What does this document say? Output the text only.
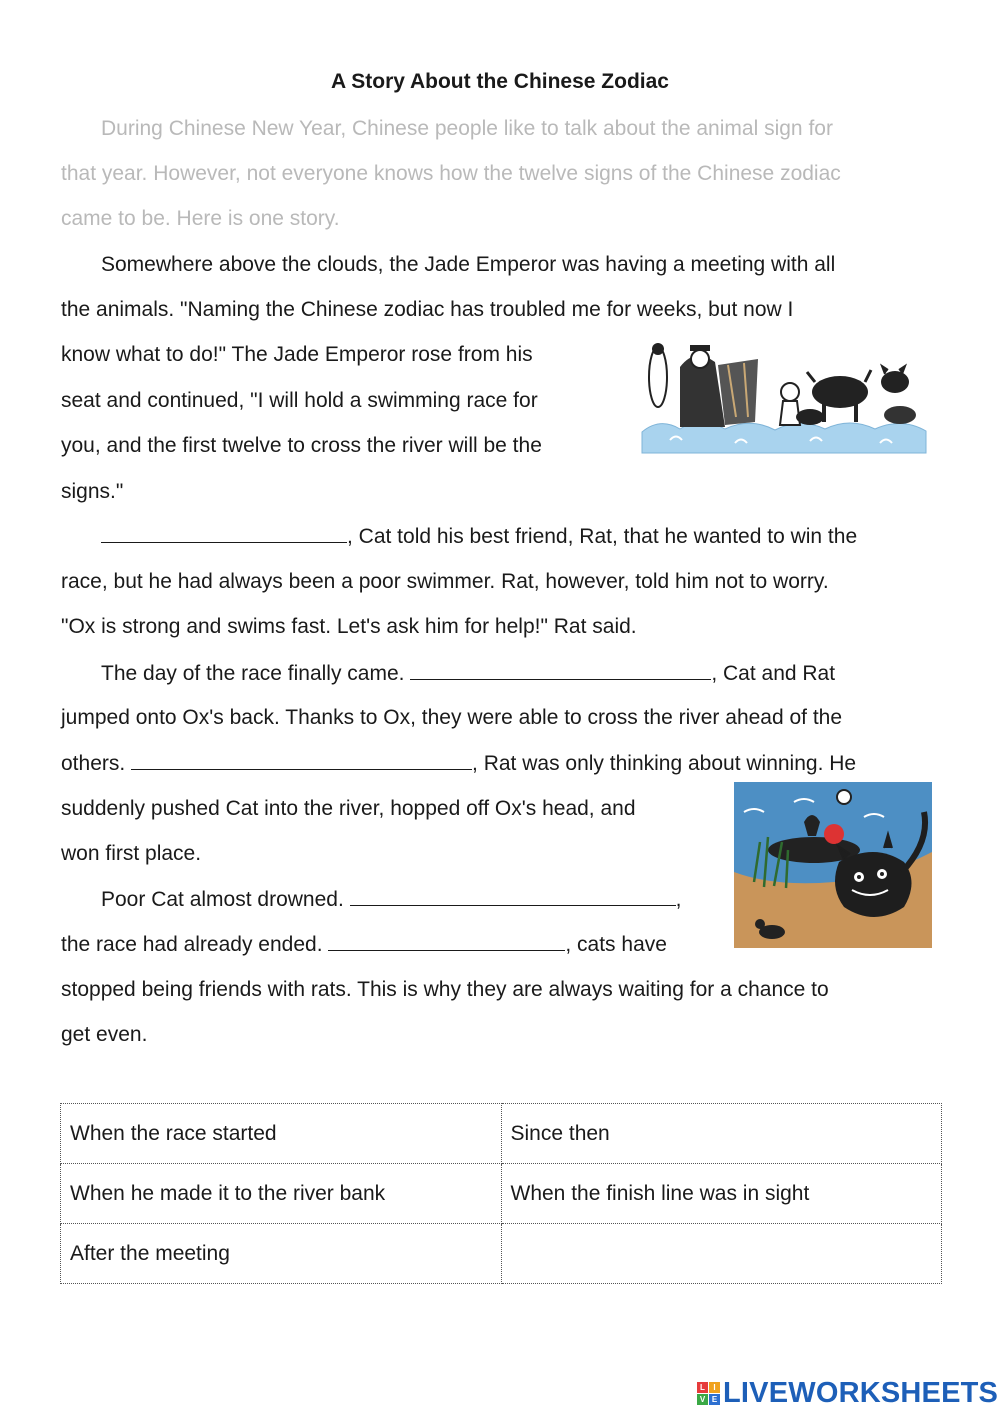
A Story About the Chinese Zodiac
During Chinese New Year, Chinese people like to talk about the animal sign for
that year. However, not everyone knows how the twelve signs of the Chinese zodiac
came to be. Here is one story.
Somewhere above the clouds, the Jade Emperor was having a meeting with all
the animals. "Naming the Chinese zodiac has troubled me for weeks, but now I
know what to do!" The Jade Emperor rose from his
seat and continued, "I will hold a swimming race for
you, and the first twelve to cross the river will be the
signs."
, Cat told his best friend, Rat, that he wanted to win the
race, but he had always been a poor swimmer. Rat, however, told him not to worry.
"Ox is strong and swims fast. Let's ask him for help!" Rat said.
The day of the race finally came.	, Cat and Rat
jumped onto Ox's back. Thanks to Ox, they were able to cross the river ahead of the
others.	, Rat was only thinking about winning. He
suddenly pushed Cat into the river, hopped off Ox's head, and
won first place.
Poor Cat almost drowned.	,
the race had already ended.	, cats have
stopped being friends with rats. This is why they are always waiting for a chance to
get even.
When the race started	Since then
When he made it to the river bank	When the finish line was in sight
After the meeting	
L	I
V E LIVEWORKSHEETS
